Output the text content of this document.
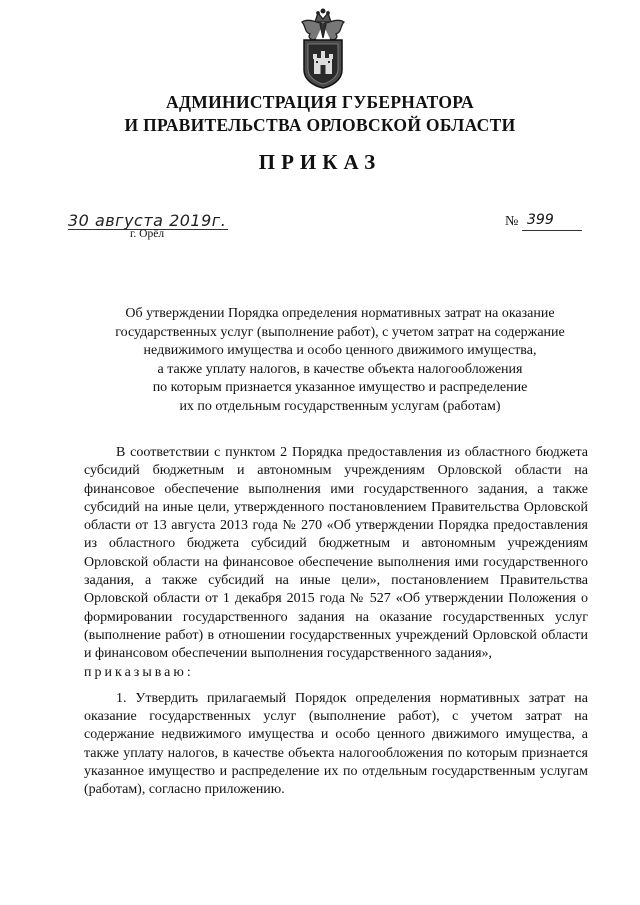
АДМИНИСТРАЦИЯ ГУБЕРНАТОРА
И ПРАВИТЕЛЬСТВА ОРЛОВСКОЙ ОБЛАСТИ
ПРИКАЗ
30 августа 2019г.
г. Орёл
№ 399
Об утверждении Порядка определения нормативных затрат на оказание
государственных услуг (выполнение работ), с учетом затрат на содержание
недвижимого имущества и особо ценного движимого имущества,
а также уплату налогов, в качестве объекта налогообложения
по которым признается указанное имущество и распределение
их по отдельным государственным услугам (работам)

В соответствии с пунктом 2 Порядка предоставления из областного бюджета субсидий бюджетным и автономным учреждениям Орловской области на финансовое обеспечение выполнения ими государственного задания, а также субсидий на иные цели, утвержденного постановлением Правительства Орловской области от 13 августа 2013 года № 270 «Об утверждении Порядка предоставления из областного бюджета субсидий бюджетным и автономным учреждениям Орловской области на финансовое обеспечение выполнения ими государственного задания, а также субсидий на иные цели», постановлением Правительства Орловской области от 1 декабря 2015 года № 527 «Об утверждении Положения о формировании государственного задания на оказание государственных услуг (выполнение работ) в отношении государственных учреждений Орловской области и финансовом обеспечении выполнения государственного задания»,

приказываю:

1. Утвердить прилагаемый Порядок определения нормативных затрат на оказание государственных услуг (выполнение работ), с учетом затрат на содержание недвижимого имущества и особо ценного движимого имущества, а также уплату налогов, в качестве объекта налогообложения по которым признается указанное имущество и распределение их по отдельным государственным услугам (работам), согласно приложению.
